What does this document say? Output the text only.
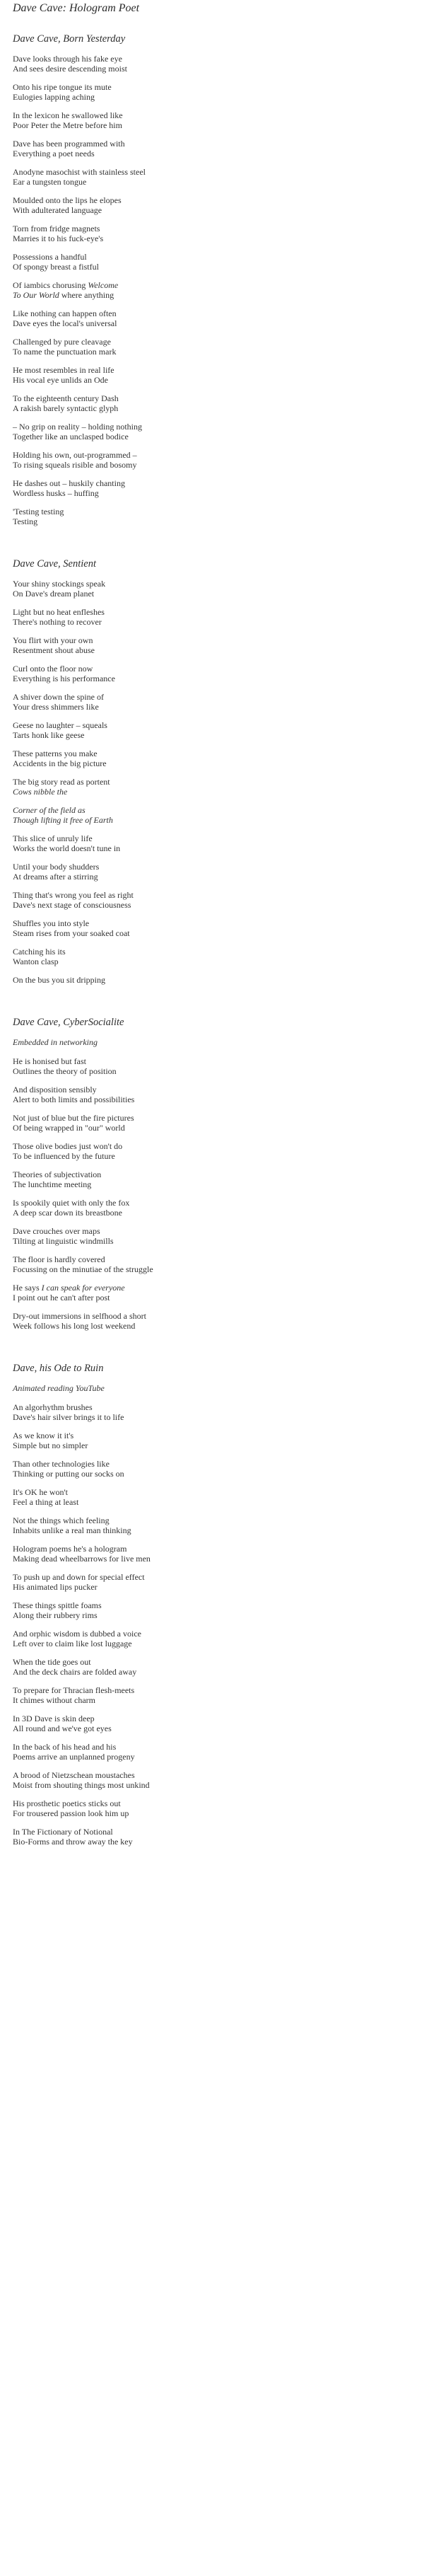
Dave Cave: Hologram Poet
Dave Cave, Born Yesterday
Dave looks through his fake eye
And sees desire descending moist
Onto his ripe tongue its mute
Eulogies lapping aching
In the lexicon he swallowed like
Poor Peter the Metre before him
Dave has been programmed with
Everything a poet needs
Anodyne masochist with stainless steel
Ear a tungsten tongue
Moulded onto the lips he elopes
With adulterated language
Torn from fridge magnets
Marries it to his fuck-eye's
Possessions a handful
Of spongy breast a fistful
Of iambics chorusing Welcome
To Our World where anything
Like nothing can happen often
Dave eyes the local's universal
Challenged by pure cleavage
To name the punctuation mark
He most resembles in real life
His vocal eye unlids an Ode
To the eighteenth century Dash
A rakish barely syntactic glyph
– No grip on reality – holding nothing
Together like an unclasped bodice
Holding his own, out-programmed –
To rising squeals risible and bosomy
He dashes out – huskily chanting
Wordless husks – huffing
'Testing testing
Testing
Dave Cave, Sentient
Your shiny stockings speak
On Dave's dream planet
Light but no heat enfleshes
There's nothing to recover
You flirt with your own
Resentment shout abuse
Curl onto the floor now
Everything is his performance
A shiver down the spine of
Your dress shimmers like
Geese no laughter – squeals
Tarts honk like geese
These patterns you make
Accidents in the big picture
The big story read as portent
Cows nibble the
Corner of the field as
Though lifting it free of Earth
This slice of unruly life
Works the world doesn't tune in
Until your body shudders
At dreams after a stirring
Thing that's wrong you feel as right
Dave's next stage of consciousness
Shuffles you into style
Steam rises from your soaked coat
Catching his its
Wanton clasp
On the bus you sit dripping
Dave Cave, CyberSocialite
Embedded in networking
He is honised but fast
Outlines the theory of position
And disposition sensibly
Alert to both limits and possibilities
Not just of blue but the fire pictures
Of being wrapped in "our" world
Those olive bodies just won't do
To be influenced by the future
Theories of subjectivation
The lunchtime meeting
Is spookily quiet with only the fox
A deep scar down its breastbone
Dave crouches over maps
Tilting at linguistic windmills
The floor is hardly covered
Focussing on the minutiae of the struggle
He says I can speak for everyone
I point out he can't after post
Dry-out immersions in selfhood a short
Week follows his long lost weekend
Dave, his Ode to Ruin
Animated reading YouTube
An algorhythm brushes
Dave's hair silver brings it to life
As we know it it's
Simple but no simpler
Than other technologies like
Thinking or putting our socks on
It's OK he won't
Feel a thing at least
Not the things which feeling
Inhabits unlike a real man thinking
Hologram poems he's a hologram
Making dead wheelbarrows for live men
To push up and down for special effect
His animated lips pucker
These things spittle foams
Along their rubbery rims
And orphic wisdom is dubbed a voice
Left over to claim like lost luggage
When the tide goes out
And the deck chairs are folded away
To prepare for Thracian flesh-meets
It chimes without charm
In 3D Dave is skin deep
All round and we've got eyes
In the back of his head and his
Poems arrive an unplanned progeny
A brood of Nietzschean moustaches
Moist from shouting things most unkind
His prosthetic poetics sticks out
For trousered passion look him up
In The Fictionary of Notional
Bio-Forms and throw away the key
